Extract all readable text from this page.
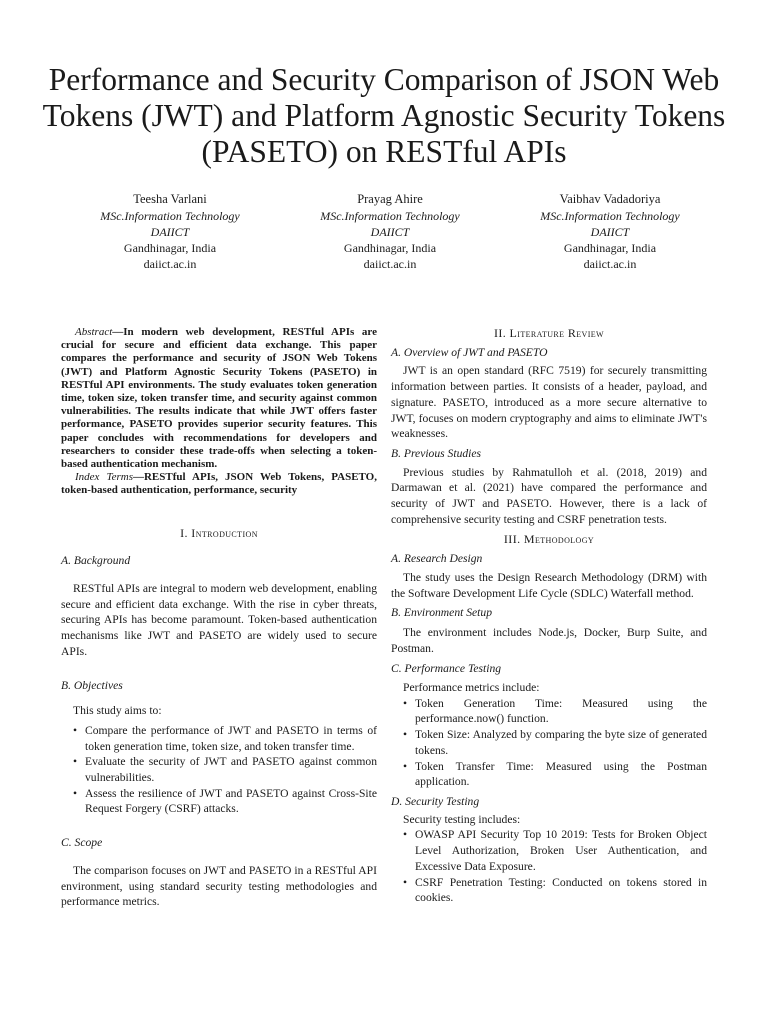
Performance and Security Comparison of JSON Web Tokens (JWT) and Platform Agnostic Security Tokens (PASETO) on RESTful APIs
Teesha Varlani
MSc.Information Technology
DAIICT
Gandhinagar, India
daiict.ac.in
Prayag Ahire
MSc.Information Technology
DAIICT
Gandhinagar, India
daiict.ac.in
Vaibhav Vadadoriya
MSc.Information Technology
DAIICT
Gandhinagar, India
daiict.ac.in

Abstract—In modern web development, RESTful APIs are crucial for secure and efficient data exchange. This paper compares the performance and security of JSON Web Tokens (JWT) and Platform Agnostic Security Tokens (PASETO) in RESTful API environments. The study evaluates token generation time, token size, token transfer time, and security against common vulnerabilities. The results indicate that while JWT offers faster performance, PASETO provides superior security features. This paper concludes with recommendations for developers and researchers to consider these trade-offs when selecting a token-based authentication mechanism.

Index Terms—RESTful APIs, JSON Web Tokens, PASETO, token-based authentication, performance, security

I. Introduction
A. Background

RESTful APIs are integral to modern web development, enabling secure and efficient data exchange. With the rise in cyber threats, securing APIs has become paramount. Token-based authentication mechanisms like JWT and PASETO are widely used to secure APIs.

B. Objectives

This study aims to:

• Compare the performance of JWT and PASETO in terms of token generation time, token size, and token transfer time.
• Evaluate the security of JWT and PASETO against common vulnerabilities.
• Assess the resilience of JWT and PASETO against Cross-Site Request Forgery (CSRF) attacks.
C. Scope

The comparison focuses on JWT and PASETO in a RESTful API environment, using standard security testing methodologies and performance metrics.

II. Literature Review
A. Overview of JWT and PASETO

JWT is an open standard (RFC 7519) for securely transmitting information between parties. It consists of a header, payload, and signature. PASETO, introduced as a more secure alternative to JWT, focuses on modern cryptography and aims to eliminate JWT's weaknesses.

B. Previous Studies

Previous studies by Rahmatulloh et al. (2018, 2019) and Darmawan et al. (2021) have compared the performance and security of JWT and PASETO. However, there is a lack of comprehensive security testing and CSRF penetration tests.

III. Methodology
A. Research Design

The study uses the Design Research Methodology (DRM) with the Software Development Life Cycle (SDLC) Waterfall method.

B. Environment Setup

The environment includes Node.js, Docker, Burp Suite, and Postman.

C. Performance Testing

Performance metrics include:

• Token Generation Time: Measured using the performance.now() function.
• Token Size: Analyzed by comparing the byte size of generated tokens.
• Token Transfer Time: Measured using the Postman application.
D. Security Testing

Security testing includes:

• OWASP API Security Top 10 2019: Tests for Broken Object Level Authorization, Broken User Authentication, and Excessive Data Exposure.
• CSRF Penetration Testing: Conducted on tokens stored in cookies.
